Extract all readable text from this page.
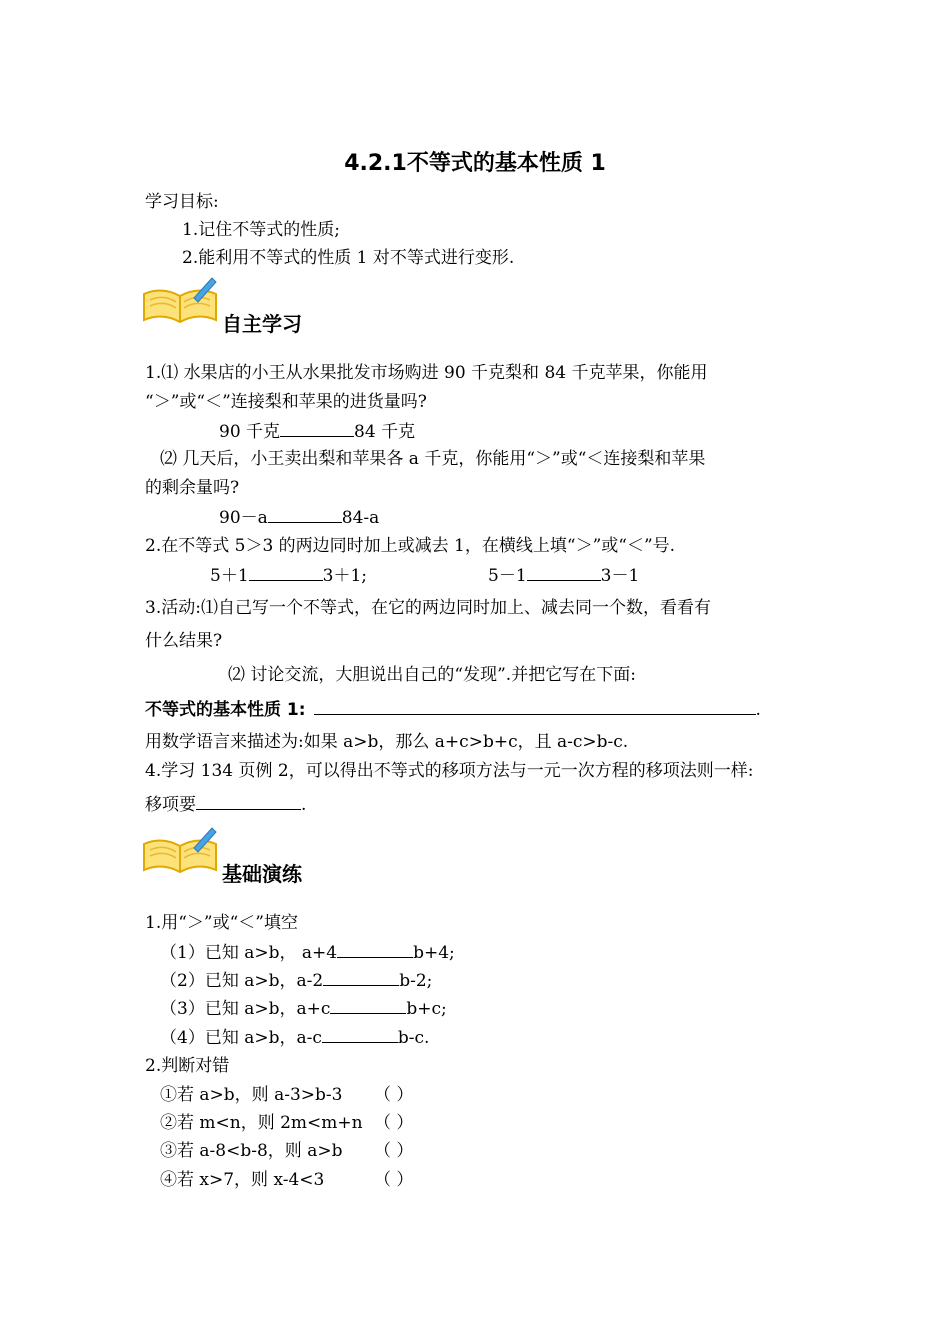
4.2.1不等式的基本性质 1
学习目标:
1.记住不等式的性质;
2.能利用不等式的性质 1 对不等式进行变形.
自主学习
1.⑴ 水果店的小王从水果批发市场购进 90 千克梨和 84 千克苹果，你能用
“＞”或“＜”连接梨和苹果的进货量吗?
90 千克	84 千克
⑵ 几天后，小王卖出梨和苹果各 a 千克，你能用“＞”或“＜连接梨和苹果
的剩余量吗?
90－a	84-a
2.在不等式 5＞3 的两边同时加上或减去 1，在横线上填“＞”或“＜”号.
5＋1	3＋1;	5－1	3－1
3.活动:⑴自己写一个不等式，在它的两边同时加上、减去同一个数，看看有
什么结果?
⑵ 讨论交流，大胆说出自己的“发现”.并把它写在下面:
不等式的基本性质 1:	.
用数学语言来描述为:如果 a>b，那么 a+c>b+c，且 a-c>b-c.
4.学习 134 页例 2，可以得出不等式的移项方法与一元一次方程的移项法则一样:
移项要	.
基础演练
1.用“＞”或“＜”填空
（1）已知 a>b， a+4	b+4;
（2）已知 a>b，a-2	b-2;
（3）已知 a>b，a+c	b+c;
（4）已知 a>b，a-c	b-c.
2.判断对错
①若 a>b，则 a-3>b-3 （ ）
②若 m<n，则 2m<m+n （ ）
③若 a-8<b-8，则 a>b （ ）
④若 x>7，则 x-4<3	（ ）
